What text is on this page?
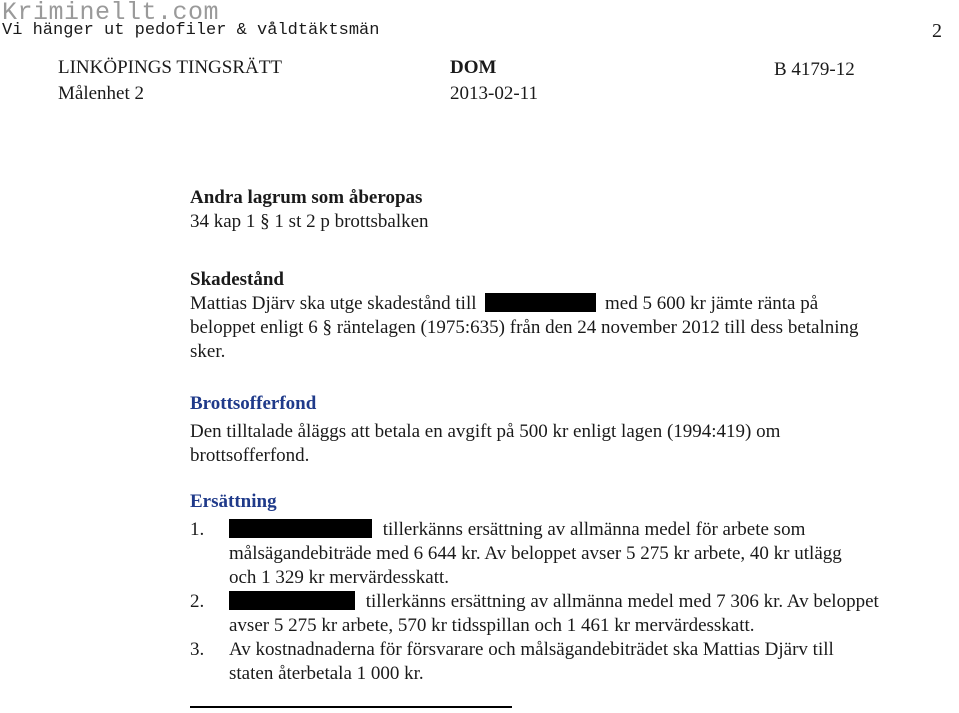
Kriminellt.com
Vi hänger ut pedofiler & våldtäktsmän	2
LINKÖPINGS TINGSRÄTT
Målenhet 2
DOM
2013-02-11
B 4179-12
Andra lagrum som åberopas
34 kap 1 § 1 st 2 p brottsbalken
Skadestånd
Mattias Djärv ska utge skadestånd till	med 5 600 kr jämte ränta på
beloppet enligt 6 § räntelagen (1975:635) från den 24 november 2012 till dess betalning
sker.
Brottsofferfond
Den tilltalade åläggs att betala en avgift på 500 kr enligt lagen (1994:419) om
brottsofferfond.
Ersättning
1.	tillerkänns ersättning av allmänna medel för arbete som
målsägandebiträde med 6 644 kr. Av beloppet avser 5 275 kr arbete, 40 kr utlägg
och 1 329 kr mervärdesskatt.
2.	tillerkänns ersättning av allmänna medel med 7 306 kr. Av beloppet
avser 5 275 kr arbete, 570 kr tidsspillan och 1 461 kr mervärdesskatt.
3. Av kostnadnaderna för försvarare och målsägandebiträdet ska Mattias Djärv till
staten återbetala 1 000 kr.
